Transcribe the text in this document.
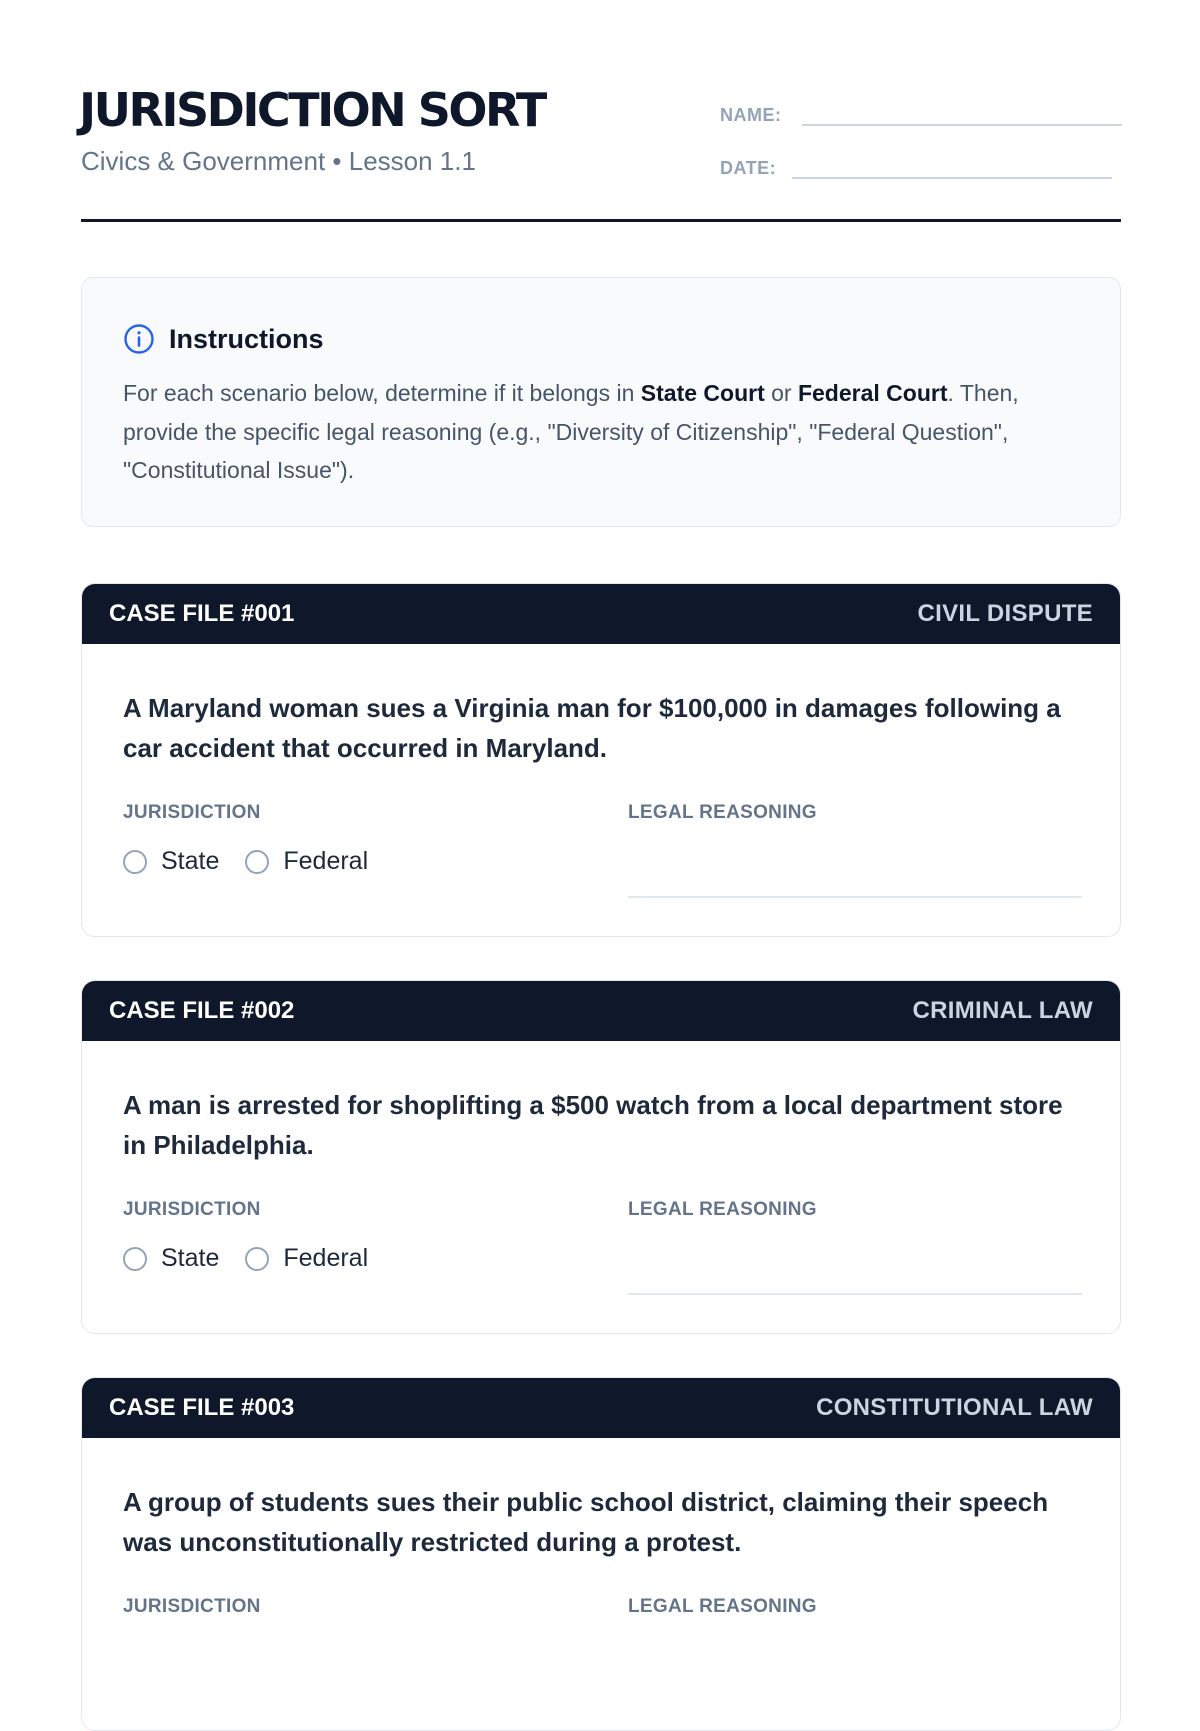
JURISDICTION SORT

Civics & Government • Lesson 1.1

NAME:
DATE:
Instructions
For each scenario below, determine if it belongs in State Court or Federal Court. Then, provide the specific legal reasoning (e.g., "Diversity of Citizenship", "Federal Question", "Constitutional Issue").
CASE FILE #001	CIVIL DISPUTE

A Maryland woman sues a Virginia man for $100,000 in damages following a car accident that occurred in Maryland.

JURISDICTION	LEGAL REASONING
State	Federal
CASE FILE #002	CRIMINAL LAW

A man is arrested for shoplifting a $500 watch from a local department store in Philadelphia.

JURISDICTION	LEGAL REASONING
State	Federal
CASE FILE #003	CONSTITUTIONAL LAW

A group of students sues their public school district, claiming their speech was unconstitutionally restricted during a protest.

JURISDICTION	LEGAL REASONING
